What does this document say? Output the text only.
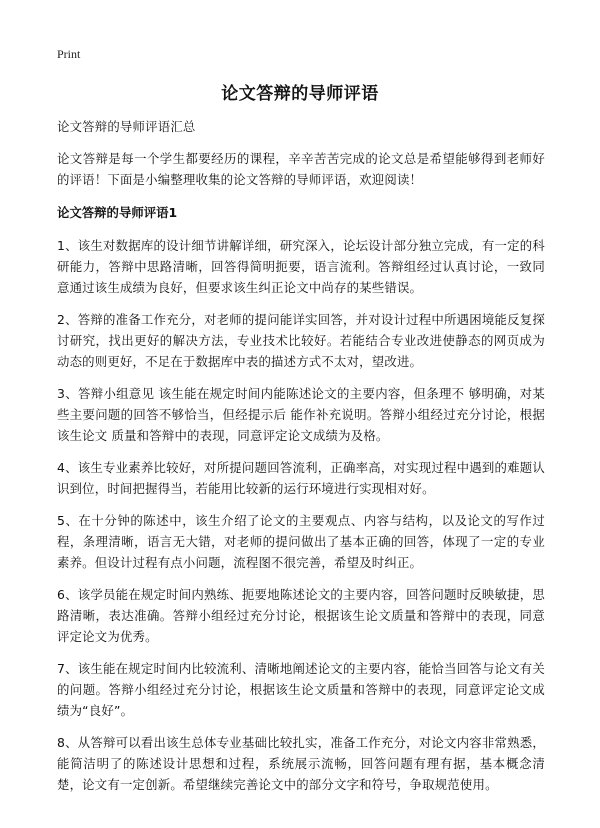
Print
论文答辩的导师评语

论文答辩的导师评语汇总

论文答辩是每一个学生都要经历的课程，辛辛苦苦完成的论文总是希望能够得到老师好的评语！下面是小编整理收集的论文答辩的导师评语，欢迎阅读！

论文答辩的导师评语1

1、该生对数据库的设计细节讲解详细，研究深入，论坛设计部分独立完成，有一定的科研能力，答辩中思路清晰，回答得简明扼要，语言流利。答辩组经过认真讨论，一致同意通过该生成绩为良好，但要求该生纠正论文中尚存的某些错误。

2、答辩的准备工作充分，对老师的提问能详实回答，并对设计过程中所遇困境能反复探讨研究，找出更好的解决方法，专业技术比较好。若能结合专业改进使静态的网页成为动态的则更好，不足在于数据库中表的描述方式不太对，望改进。

3、答辩小组意见 该生能在规定时间内能陈述论文的主要内容，但条理不 够明确，对某些主要问题的回答不够恰当，但经提示后 能作补充说明。答辩小组经过充分讨论，根据该生论文 质量和答辩中的表现，同意评定论文成绩为及格。

4、该生专业素养比较好，对所提问题回答流利，正确率高，对实现过程中遇到的难题认识到位，时间把握得当，若能用比较新的运行环境进行实现相对好。

5、在十分钟的陈述中，该生介绍了论文的主要观点、内容与结构，以及论文的写作过程，条理清晰，语言无大错，对老师的提问做出了基本正确的回答，体现了一定的专业素养。但设计过程有点小问题，流程图不很完善，希望及时纠正。

6、该学员能在规定时间内熟练、扼要地陈述论文的主要内容，回答问题时反映敏捷，思路清晰，表达准确。答辩小组经过充分讨论，根据该生论文质量和答辩中的表现，同意评定论文为优秀。

7、该生能在规定时间内比较流利、清晰地阐述论文的主要内容，能恰当回答与论文有关的问题。答辩小组经过充分讨论，根据该生论文质量和答辩中的表现，同意评定论文成绩为“良好”。

8、从答辩可以看出该生总体专业基础比较扎实，准备工作充分，对论文内容非常熟悉，能简洁明了的陈述设计思想和过程，系统展示流畅，回答问题有理有据，基本概念清楚，论文有一定创新。希望继续完善论文中的部分文字和符号，争取规范使用。
